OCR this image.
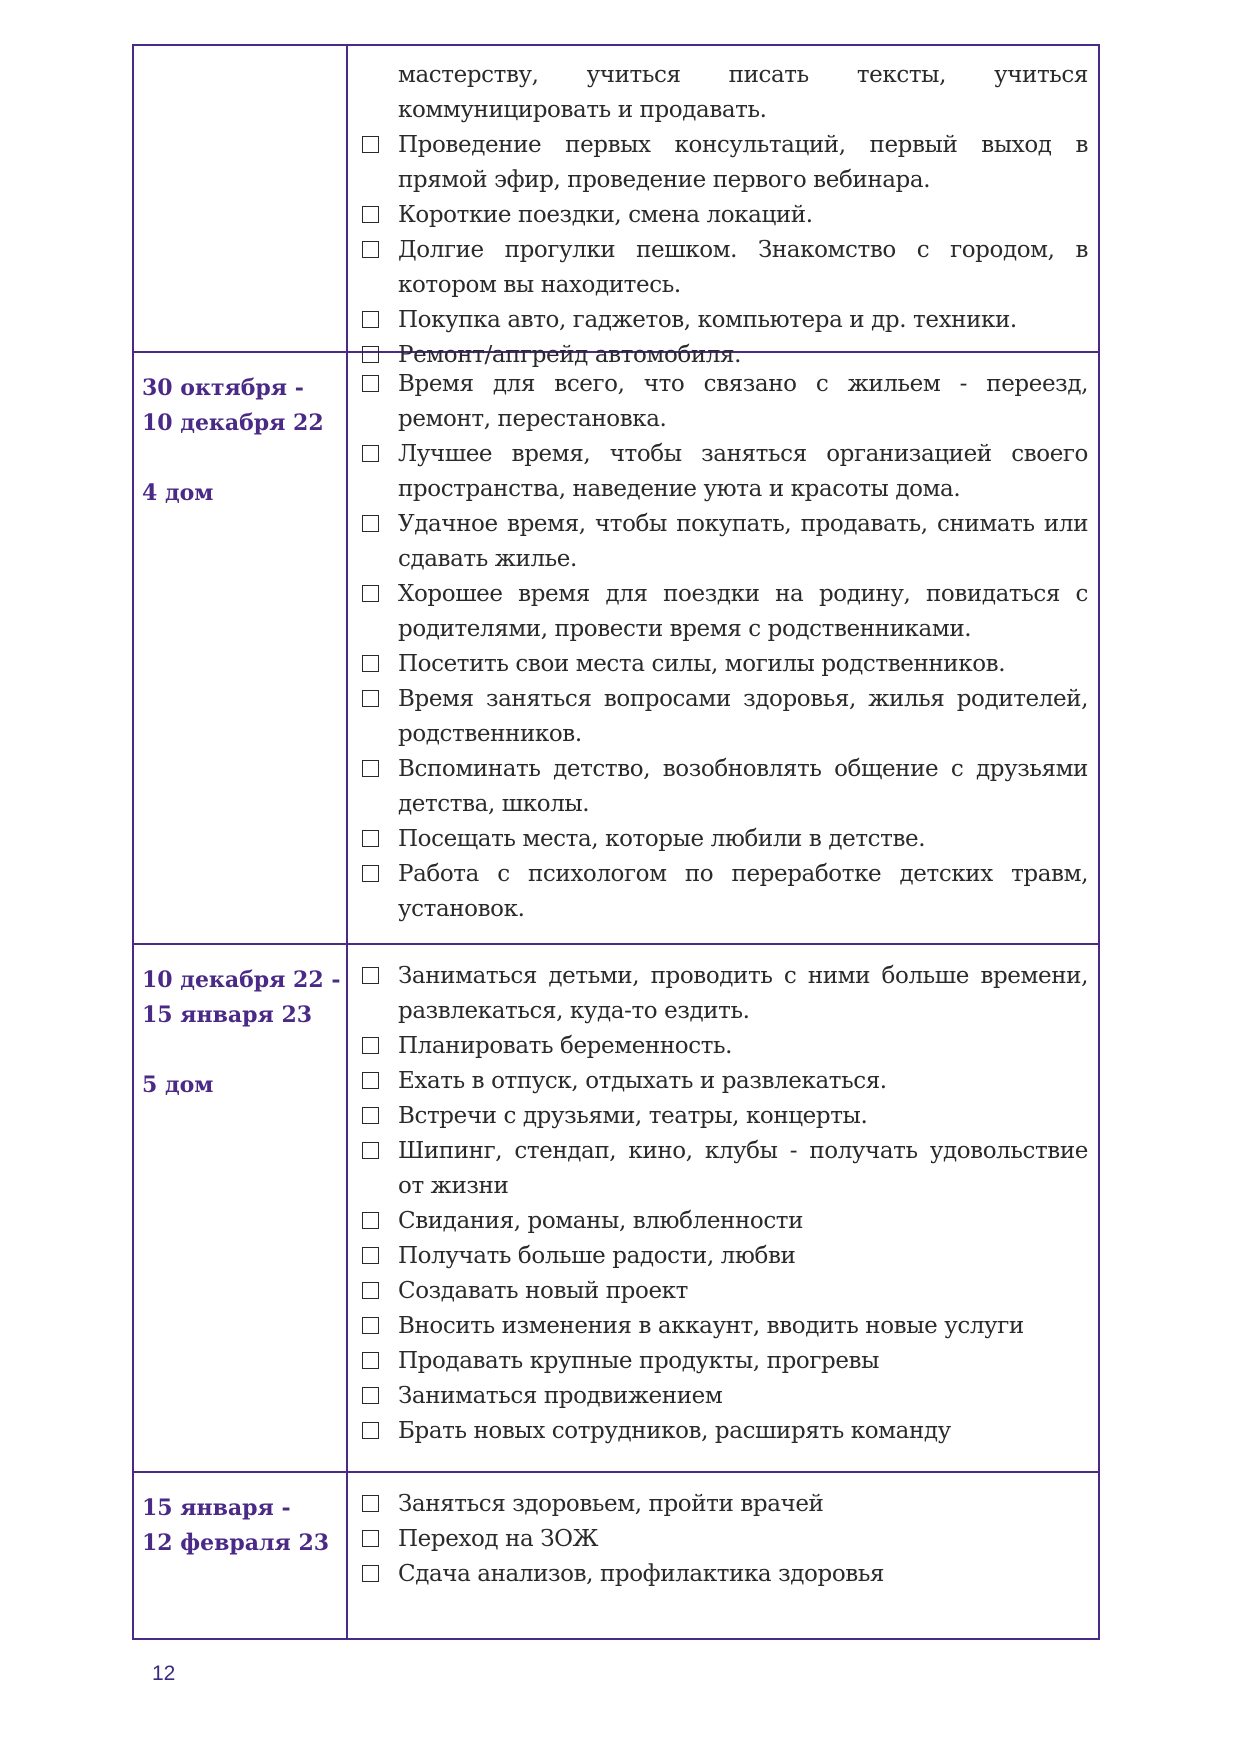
мастерству, учиться писать тексты, учиться коммуницировать и продавать.
Проведение первых консультаций, первый выход в прямой эфир, проведение первого вебинара.
Короткие поездки, смена локаций.
Долгие прогулки пешком. Знакомство с городом, в котором вы находитесь.
Покупка авто, гаджетов, компьютера и др. техники.
Ремонт/апгрейд автомобиля.
30 октября -
10 декабря 22
4 дом
Время для всего, что связано с жильем - переезд, ремонт, перестановка.
Лучшее время, чтобы заняться организацией своего пространства, наведение уюта и красоты дома.
Удачное время, чтобы покупать, продавать, снимать или сдавать жилье.
Хорошее время для поездки на родину, повидаться с родителями, провести время с родственниками.
Посетить свои места силы, могилы родственников.
Время заняться вопросами здоровья, жилья родителей, родственников.
Вспоминать детство, возобновлять общение с друзьями детства, школы.
Посещать места, которые любили в детстве.
Работа с психологом по переработке детских травм, установок.
10 декабря 22 -
15 января 23
5 дом
Заниматься детьми, проводить с ними больше времени, развлекаться, куда-то ездить.
Планировать беременность.
Ехать в отпуск, отдыхать и развлекаться.
Встречи с друзьями, театры, концерты.
Шипинг, стендап, кино, клубы - получать удовольствие от жизни
Свидания, романы, влюбленности
Получать больше радости, любви
Создавать новый проект
Вносить изменения в аккаунт, вводить новые услуги
Продавать крупные продукты, прогревы
Заниматься продвижением
Брать новых сотрудников, расширять команду
15 января -
12 февраля 23
Заняться здоровьем, пройти врачей
Переход на ЗОЖ
Сдача анализов, профилактика здоровья
12
